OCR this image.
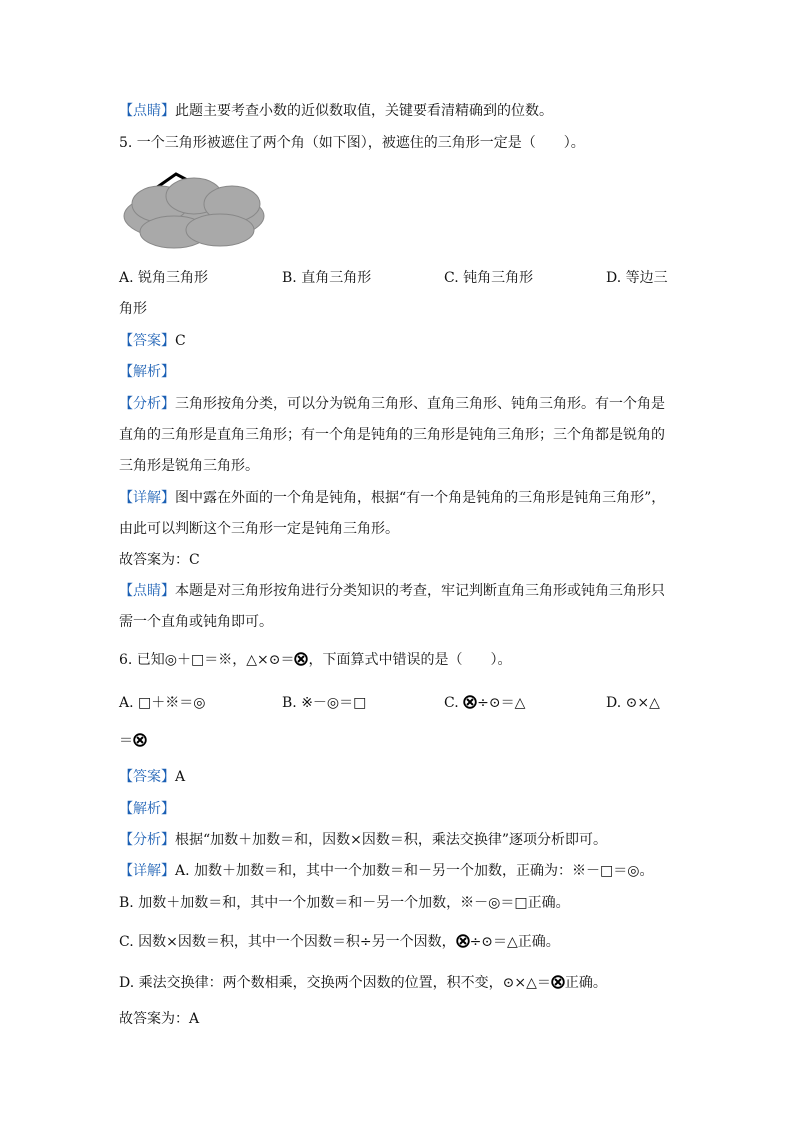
【点睛】此题主要考查小数的近似数取值，关键要看清精确到的位数。
5. 一个三角形被遮住了两个角（如下图），被遮住的三角形一定是（　　）。
A. 锐角三角形	B. 直角三角形	C. 钝角三角形	D. 等边三
角形
【答案】C
【解析】
【分析】三角形按角分类，可以分为锐角三角形、直角三角形、钝角三角形。有一个角是
直角的三角形是直角三角形；有一个角是钝角的三角形是钝角三角形；三个角都是锐角的
三角形是锐角三角形。
【详解】图中露在外面的一个角是钝角，根据“有一个角是钝角的三角形是钝角三角形”，
由此可以判断这个三角形一定是钝角三角形。
故答案为：C
【点睛】本题是对三角形按角进行分类知识的考查，牢记判断直角三角形或钝角三角形只
需一个直角或钝角即可。
6. 已知◎＋□＝※，△×⊙＝ ，下面算式中错误的是（　　）。
A. □＋※＝◎	B. ※－◎＝□	C. ÷⊙＝△	D. ⊙×△
＝
【答案】A
【解析】
【分析】根据“加数＋加数＝和，因数×因数＝积，乘法交换律”逐项分析即可。
【详解】A. 加数＋加数＝和，其中一个加数＝和－另一个加数，正确为：※－□＝◎。
B. 加数＋加数＝和，其中一个加数＝和－另一个加数，※－◎＝□正确。
C. 因数×因数＝积，其中一个因数＝积÷另一个因数， ÷⊙＝△正确。
D. 乘法交换律：两个数相乘，交换两个因数的位置，积不变，⊙×△＝ 正确。
故答案为：A
